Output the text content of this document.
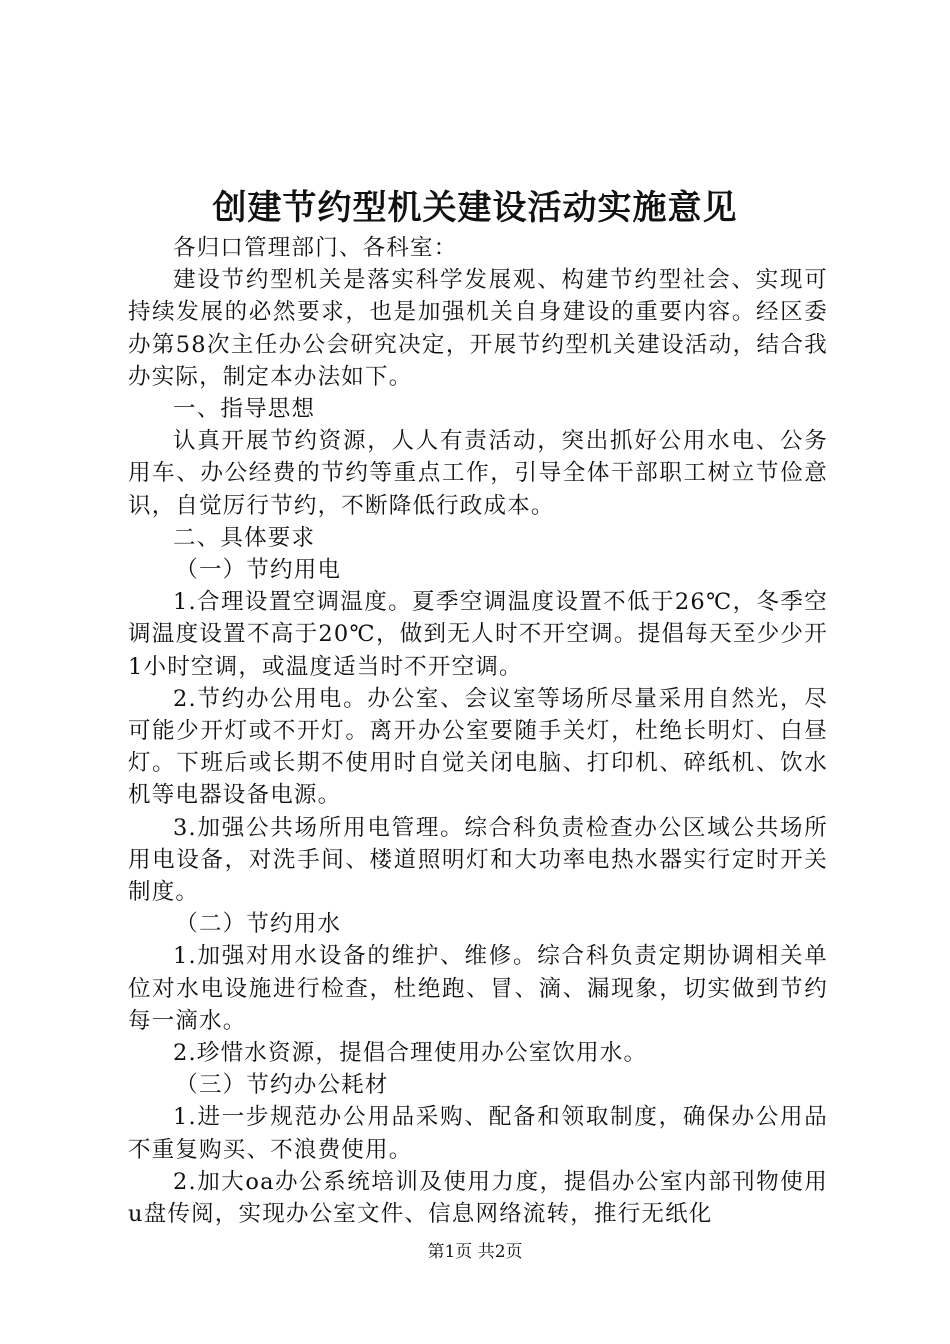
创建节约型机关建设活动实施意见

各归口管理部门、各科室：

建设节约型机关是落实科学发展观、构建节约型社会、实现可持续发展的必然要求，也是加强机关自身建设的重要内容。经区委办第58次主任办公会研究决定，开展节约型机关建设活动，结合我办实际，制定本办法如下。

一、指导思想

认真开展节约资源，人人有责活动，突出抓好公用水电、公务用车、办公经费的节约等重点工作，引导全体干部职工树立节俭意识，自觉厉行节约，不断降低行政成本。

二、具体要求

（一）节约用电

1.合理设置空调温度。夏季空调温度设置不低于26℃，冬季空调温度设置不高于20℃，做到无人时不开空调。提倡每天至少少开1小时空调，或温度适当时不开空调。

2.节约办公用电。办公室、会议室等场所尽量采用自然光，尽可能少开灯或不开灯。离开办公室要随手关灯，杜绝长明灯、白昼灯。下班后或长期不使用时自觉关闭电脑、打印机、碎纸机、饮水机等电器设备电源。

3.加强公共场所用电管理。综合科负责检查办公区域公共场所用电设备，对洗手间、楼道照明灯和大功率电热水器实行定时开关制度。

（二）节约用水

1.加强对用水设备的维护、维修。综合科负责定期协调相关单位对水电设施进行检查，杜绝跑、冒、滴、漏现象，切实做到节约每一滴水。

2.珍惜水资源，提倡合理使用办公室饮用水。

（三）节约办公耗材

1.进一步规范办公用品采购、配备和领取制度，确保办公用品不重复购买、不浪费使用。

2.加大oa办公系统培训及使用力度，提倡办公室内部刊物使用u盘传阅，实现办公室文件、信息网络流转，推行无纸化

第1页 共2页
